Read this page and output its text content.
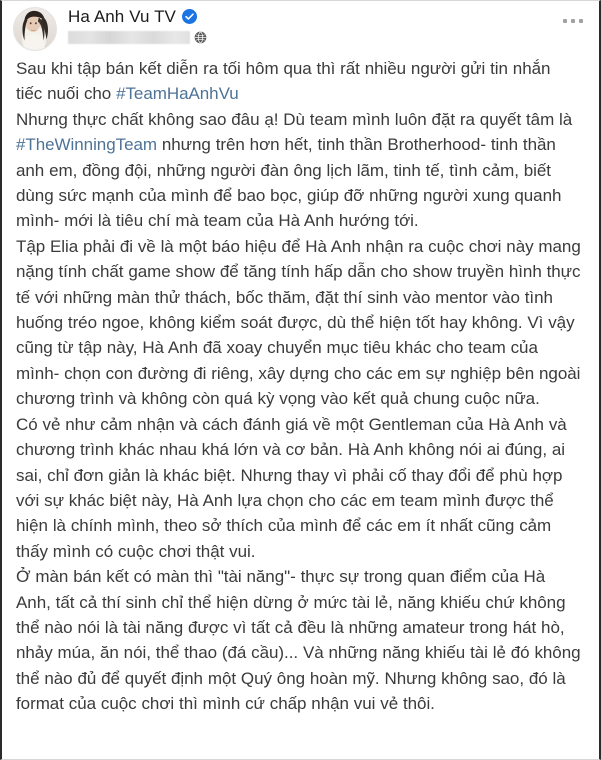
Ha Anh Vu TV

Sau khi tập bán kết diễn ra tối hôm qua thì rất nhiều người gửi tin nhắn tiếc nuối cho #TeamHaAnhVu

Nhưng thực chất không sao đâu ạ! Dù team mình luôn đặt ra quyết tâm là #TheWinningTeam nhưng trên hơn hết, tinh thần Brotherhood- tinh thần anh em, đồng đội, những người đàn ông lịch lãm, tinh tế, tình cảm, biết dùng sức mạnh của mình để bao bọc, giúp đỡ những người xung quanh mình- mới là tiêu chí mà team của Hà Anh hướng tới.

Tập Elia phải đi về là một báo hiệu để Hà Anh nhận ra cuộc chơi này mang nặng tính chất game show để tăng tính hấp dẫn cho show truyền hình thực tế với những màn thử thách, bốc thăm, đặt thí sinh vào mentor vào tình huống tréo ngoe, không kiểm soát được, dù thể hiện tốt hay không. Vì vậy cũng từ tập này, Hà Anh đã xoay chuyển mục tiêu khác cho team của mình- chọn con đường đi riêng, xây dựng cho các em sự nghiệp bên ngoài chương trình và không còn quá kỳ vọng vào kết quả chung cuộc nữa.

Có vẻ như cảm nhận và cách đánh giá về một Gentleman của Hà Anh và chương trình khác nhau khá lớn và cơ bản. Hà Anh không nói ai đúng, ai sai, chỉ đơn giản là khác biệt. Nhưng thay vì phải cố thay đổi để phù hợp với sự khác biệt này, Hà Anh lựa chọn cho các em team mình được thể hiện là chính mình, theo sở thích của mình để các em ít nhất cũng cảm thấy mình có cuộc chơi thật vui.

Ở màn bán kết có màn thì "tài năng"- thực sự trong quan điểm của Hà Anh, tất cả thí sinh chỉ thể hiện dừng ở mức tài lẻ, năng khiếu chứ không thể nào nói là tài năng được vì tất cả đều là những amateur trong hát hò, nhảy múa, ăn nói, thể thao (đá cầu)... Và những năng khiếu tài lẻ đó không thể nào đủ để quyết định một Quý ông hoàn mỹ. Nhưng không sao, đó là format của cuộc chơi thì mình cứ chấp nhận vui vẻ thôi.
